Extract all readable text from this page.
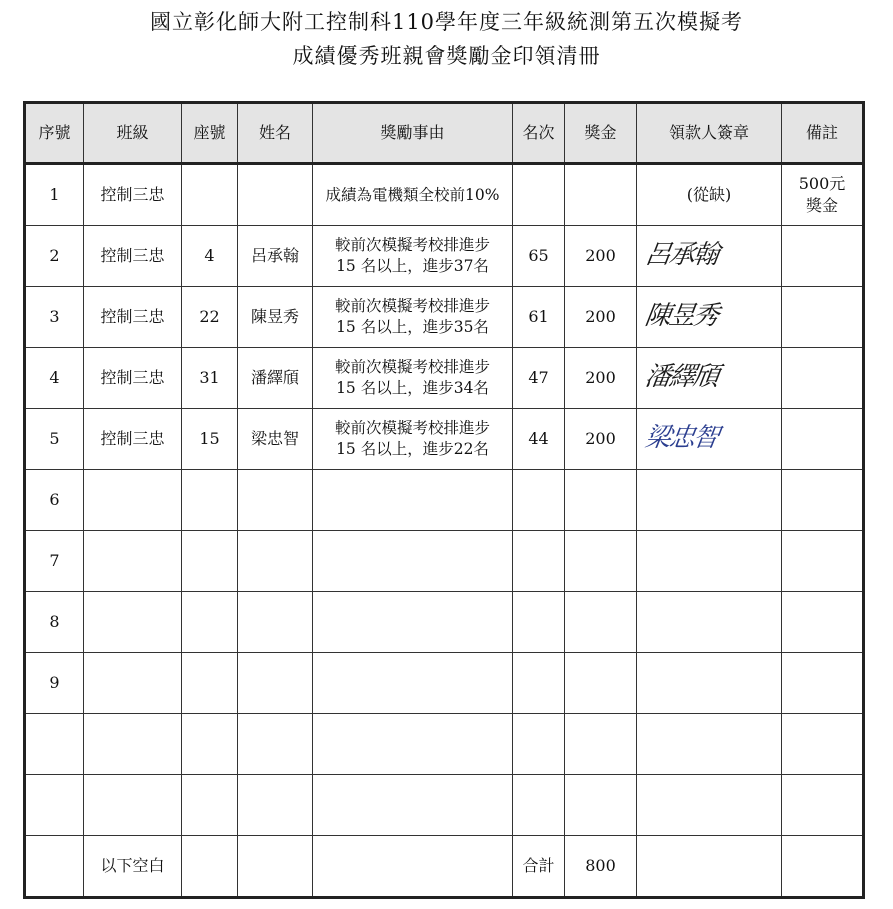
國立彰化師大附工控制科110學年度三年級統測第五次模擬考
成績優秀班親會獎勵金印領清冊
序號	班級	座號	姓名	獎勵事由	名次	獎金	領款人簽章	備註
1	控制三忠			成績為電機類全校前10%			(從缺)	500元
獎金
2	控制三忠	4	呂承翰	較前次模擬考校排進步
15 名以上，進步37名	65	200	呂承翰	
3	控制三忠	22	陳昱秀	較前次模擬考校排進步
15 名以上，進步35名	61	200	陳昱秀	
4	控制三忠	31	潘繹頎	較前次模擬考校排進步
15 名以上，進步34名	47	200	潘繹頎	
5	控制三忠	15	梁忠智	較前次模擬考校排進步
15 名以上，進步22名	44	200	梁忠智	
6								
7								
8								
9								

	以下空白				合計	800		
